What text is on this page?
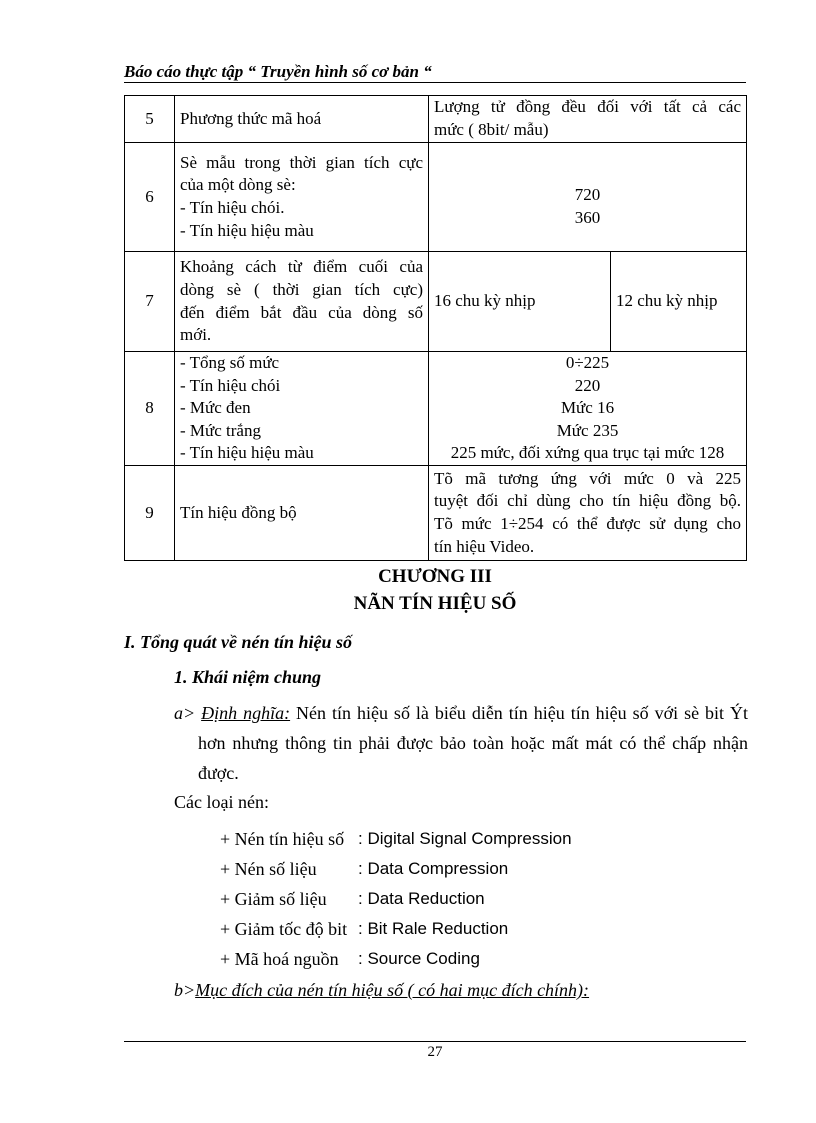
Báo cáo thực tập “ Truyền hình số cơ bản “
5	Phương thức mã hoá	Lượng tử đồng đều đối với tất cả các
mức ( 8bit/ mẫu)	

6	Sè mẫu trong thời gian tích cực
của một dòng sè:
- Tín hiệu chói.
- Tín hiệu hiệu màu	720
360	

7	Khoảng cách từ điểm cuối của
dòng sè ( thời gian tích cực)
đến điểm bắt đầu của dòng số
mới.	16 chu kỳ nhịp	12 chu kỳ nhịp
8	- Tổng số mức
- Tín hiệu chói
- Mức đen
- Mức trắng
- Tín hiệu hiệu màu	0÷225
220
Mức 16
Mức 235
225 mức, đối xứng qua trục tại mức 128	

9	Tín hiệu đồng bộ	Tõ mã tương ứng với mức 0 và 225
tuyệt đối chỉ dùng cho tín hiệu đồng bộ.
Tõ mức 1÷254 có thể được sử dụng cho
tín hiệu Video.	
CHƯƠNG III
NÃN TÍN HIỆU SỐ
I. Tổng quát về nén tín hiệu số
1. Khái niệm chung
a> Định nghĩa: Nén tín hiệu số là biểu diễn tín hiệu tín hiệu số với sè bit Ýt
hơn nhưng thông tin phải được bảo toàn hoặc mất mát có thể chấp nhận
được.
Các loại nén:
+ Nén tín hiệu số : Digital Signal Compression
+ Nén số liệu	: Data Compression
+ Giảm số liệu	: Data Reduction
+ Giảm tốc độ bit : Bit Rale Reduction
+ Mã hoá nguồn	: Source Coding
b>Mục đích của nén tín hiệu số ( có hai mục đích chính):
27
